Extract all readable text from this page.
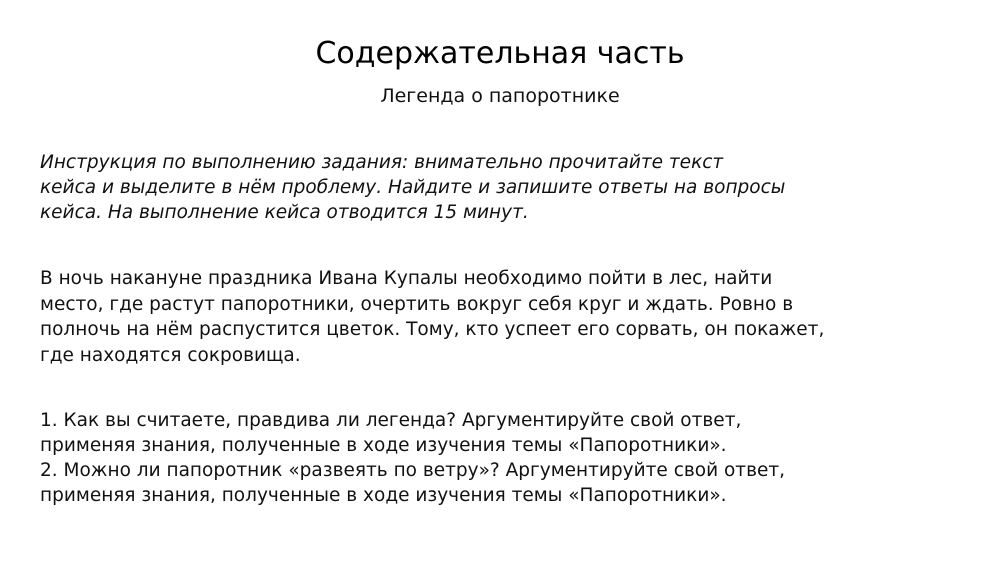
Содержательная часть
Легенда о папоротнике
Инструкция по выполнению задания: внимательно прочитайте текст
кейса и выделите в нём проблему. Найдите и запишите ответы на вопросы
кейса. На выполнение кейса отводится 15 минут.
В ночь накануне праздника Ивана Купалы необходимо пойти в лес, найти
место, где растут папоротники, очертить вокруг себя круг и ждать. Ровно в
полночь на нём распустится цветок. Тому, кто успеет его сорвать, он покажет,
где находятся сокровища.
1. Как вы считаете, правдива ли легенда? Аргументируйте свой ответ,
применяя знания, полученные в ходе изучения темы «Папоротники».
2. Можно ли папоротник «развеять по ветру»? Аргументируйте свой ответ,
применяя знания, полученные в ходе изучения темы «Папоротники».
